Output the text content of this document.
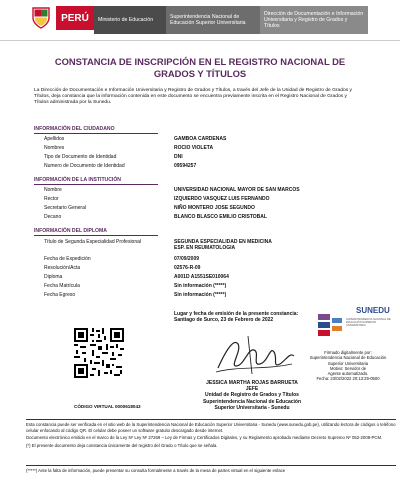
PERÚ	Ministerio de Educación	Superintendencia Nacional de Educación Superior Universitaria
Dirección de Documentación e Información Universitaria y Registro de Grados y Títulos
CONSTANCIA DE INSCRIPCIÓN EN EL REGISTRO NACIONAL DE
GRADOS Y TÍTULOS
La Dirección de Documentación e Información Universitaria y Registro de Grados y Títulos, a través del Jefe de la Unidad de Registro de Grados y Títulos, deja constancia que la información contenida en este documento se encuentra previamente inscrita en el Registro Nacional de Grados y Títulos administrada por la Sunedu.
INFORMACIÓN DEL CIUDADANO
Apellidos	GAMBOA CARDENAS
Nombres	ROCIO VIOLETA
Tipo de Documento de Identidad	DNI
Numero de Documento de Identidad	09594257
INFORMACIÓN DE LA INSTITUCIÓN
Nombre	UNIVERSIDAD NACIONAL MAYOR DE SAN MARCOS
Rector	IZQUIERDO VASQUEZ LUIS FERNANDO
Secretario General	NIÑO MONTERO JOSE SEGUNDO
Decano	BLANCO BLASCO EMILIO CRISTOBAL
INFORMACIÓN DEL DIPLOMA
Título de Segunda Especialidad Profesional	SEGUNDA ESPECIALIDAD EN MEDICINA
ESP. EN REUMATOLOGIA
Fecha de Expedición	07/09/2009
Resolución/Acta	02576-R-09
Diploma	A001D A1551SE010064
Fecha Matrícula	Sin información (*****)
Fecha Egreso	Sin información (*****)
Lugar y fecha de emisión de la presente constancia:
Santiago de Surco, 23 de Febrero de 2022
CÓDIGO VIRTUAL 0000618043
JESSICA MARTHA ROJAS BARRUETA
JEFE
Unidad de Registro de Grados y Títulos
Superintendencia Nacional de Educación
Superior Universitaria - Sunedu
SUNEDU
SUPERINTENDENCIA NACIONAL DE EDUCACIÓN SUPERIOR UNIVERSITARIA
Firmado digitalmente por:
Superintendencia Nacional de Educación
Superior Universitaria
Motivo: Servidor de
Agente automatizado.
Fecha: 23/02/2022 20:13:29-0500

Esta constancia puede ser verificada en el sitio web de la Superintendencia Nacional de Educación Superior Universitaria - Sunedu (www.sunedu.gob.pe), utilizando lectora de códigos o teléfono celular enfocando al código QR. El celular debe poseer un software gratuito descargado desde internet.

Documento electrónico emitido en el marco de la Ley Nº Ley Nº 27269 – Ley de Firmas y Certificados Digitales, y su Reglamento aprobado mediante Decreto Supremo Nº 052-2008-PCM.

(*) El presente documento deja constancia únicamente del registro del Grado o Título que se señala.

(*****) Ante la falta de información, puede presentar su consulta formalmente a través de la mesa de partes virtual en el siguiente enlace
